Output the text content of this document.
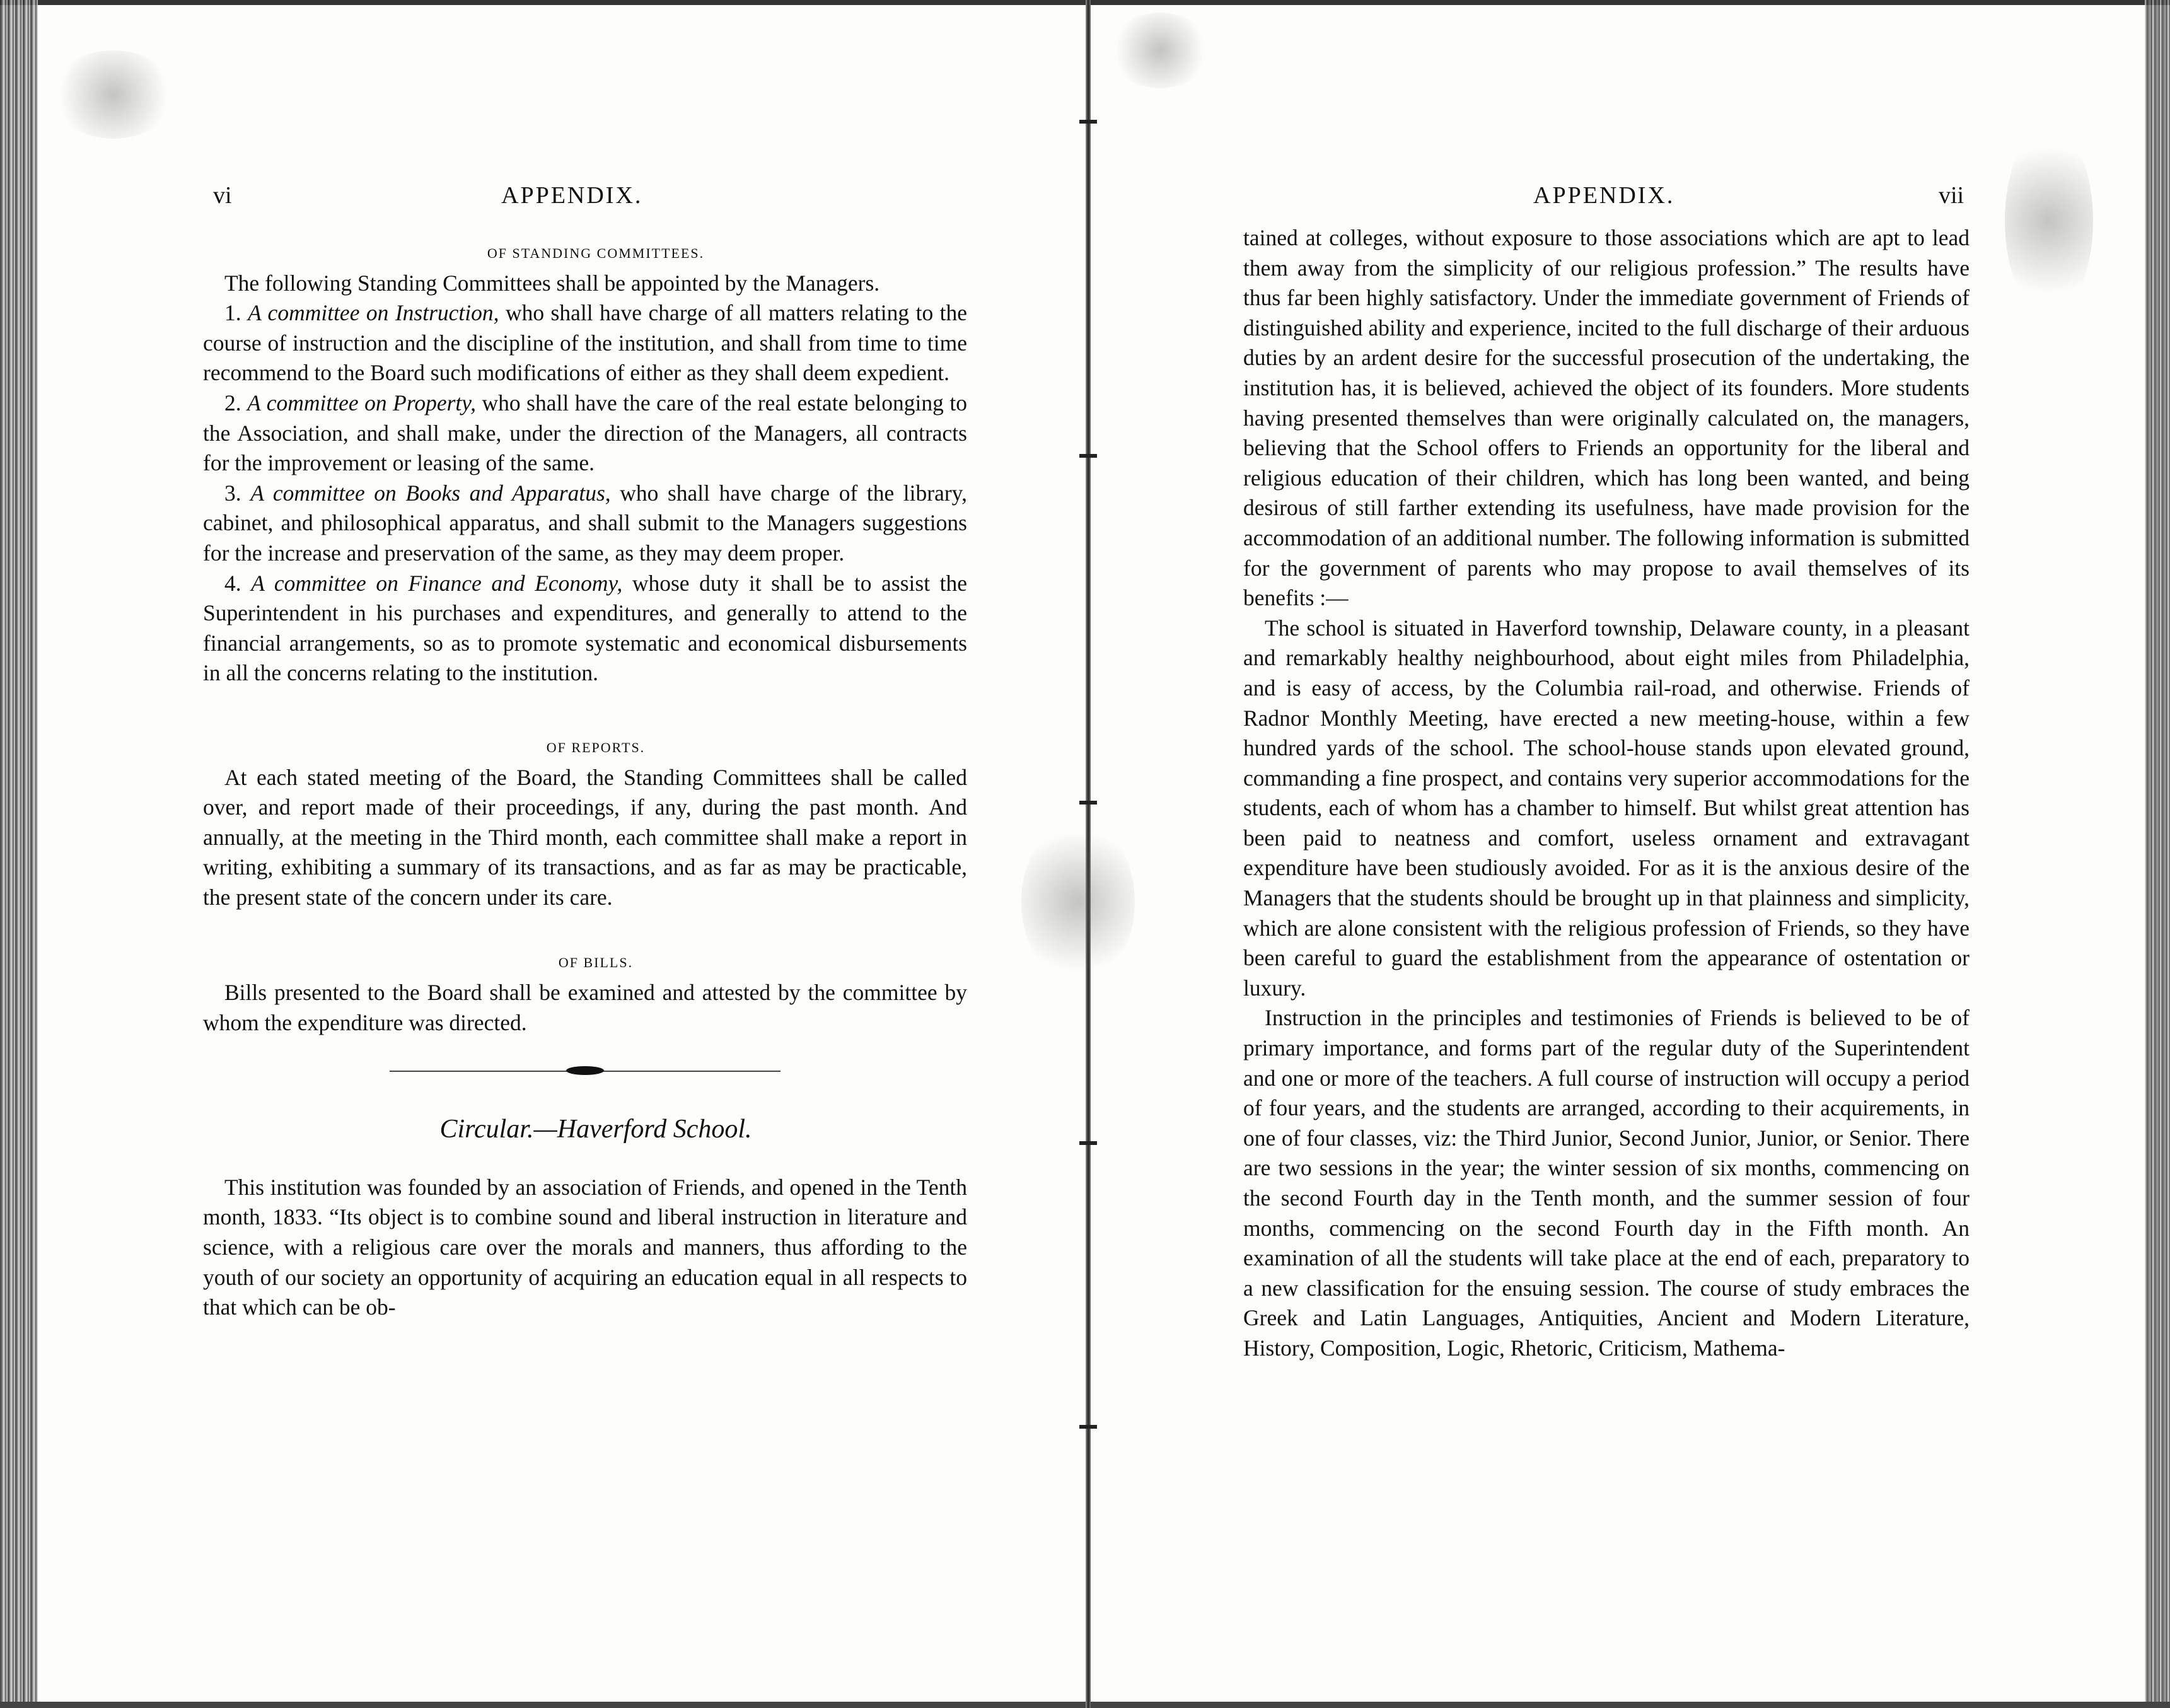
vi	APPENDIX.

OF STANDING COMMITTEES.

The following Standing Committees shall be appointed by the Managers.

1. A committee on Instruction, who shall have charge of all matters relating to the course of instruction and the discipline of the institution, and shall from time to time recommend to the Board such modifications of either as they shall deem expedient.

2. A committee on Property, who shall have the care of the real estate belonging to the Association, and shall make, under the direction of the Managers, all contracts for the improvement or leasing of the same.

3. A committee on Books and Apparatus, who shall have charge of the library, cabinet, and philosophical apparatus, and shall submit to the Managers suggestions for the increase and preservation of the same, as they may deem proper.

4. A committee on Finance and Economy, whose duty it shall be to assist the Superintendent in his purchases and expenditures, and generally to attend to the financial arrangements, so as to promote systematic and economical disbursements in all the concerns relating to the institution.

OF REPORTS.

At each stated meeting of the Board, the Standing Committees shall be called over, and report made of their proceedings, if any, during the past month. And annually, at the meeting in the Third month, each committee shall make a report in writing, exhibiting a summary of its transactions, and as far as may be practicable, the present state of the concern under its care.

OF BILLS.

Bills presented to the Board shall be examined and attested by the committee by whom the expenditure was directed.

Circular.—Haverford School.

This institution was founded by an association of Friends, and opened in the Tenth month, 1833. “Its object is to combine sound and liberal instruction in literature and science, with a religious care over the morals and manners, thus affording to the youth of our society an opportunity of acquiring an education equal in all respects to that which can be ob-

APPENDIX.	vii

tained at colleges, without exposure to those associations which are apt to lead them away from the simplicity of our religious profession.” The results have thus far been highly satisfactory. Under the immediate government of Friends of distinguished ability and experience, incited to the full discharge of their arduous duties by an ardent desire for the successful prosecution of the undertaking, the institution has, it is believed, achieved the object of its founders. More students having presented themselves than were originally calculated on, the managers, believing that the School offers to Friends an opportunity for the liberal and religious education of their children, which has long been wanted, and being desirous of still farther extending its usefulness, have made provision for the accommodation of an additional number. The following information is submitted for the government of parents who may propose to avail themselves of its benefits :—

The school is situated in Haverford township, Delaware county, in a pleasant and remarkably healthy neighbourhood, about eight miles from Philadelphia, and is easy of access, by the Columbia rail-road, and otherwise. Friends of Radnor Monthly Meeting, have erected a new meeting-house, within a few hundred yards of the school. The school-house stands upon elevated ground, commanding a fine prospect, and contains very superior accommodations for the students, each of whom has a chamber to himself. But whilst great attention has been paid to neatness and comfort, useless ornament and extravagant expenditure have been studiously avoided. For as it is the anxious desire of the Managers that the students should be brought up in that plainness and simplicity, which are alone consistent with the religious profession of Friends, so they have been careful to guard the establishment from the appearance of ostentation or luxury.

Instruction in the principles and testimonies of Friends is believed to be of primary importance, and forms part of the regular duty of the Superintendent and one or more of the teachers. A full course of instruction will occupy a period of four years, and the students are arranged, according to their acquirements, in one of four classes, viz: the Third Junior, Second Junior, Junior, or Senior. There are two sessions in the year; the winter session of six months, commencing on the second Fourth day in the Tenth month, and the summer session of four months, commencing on the second Fourth day in the Fifth month. An examination of all the students will take place at the end of each, preparatory to a new classification for the ensuing session. The course of study embraces the Greek and Latin Languages, Antiquities, Ancient and Modern Literature, History, Composition, Logic, Rhetoric, Criticism, Mathema-
